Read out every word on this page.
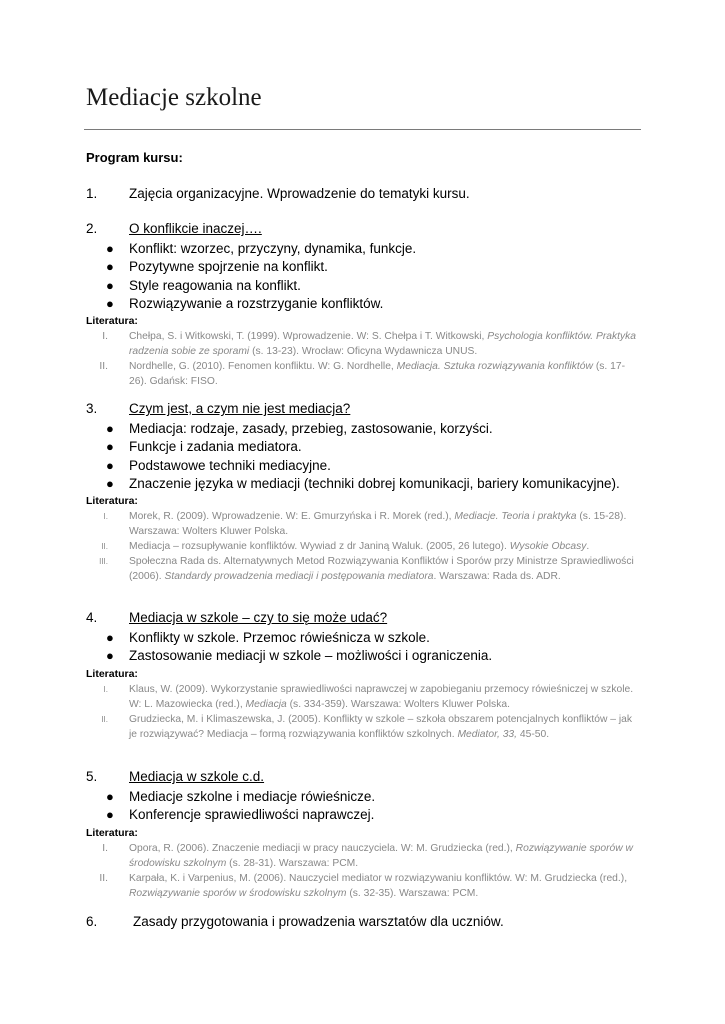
Mediacje szkolne
Program kursu:
1. Zajęcia organizacyjne. Wprowadzenie do tematyki kursu.
2. O konflikcie inaczej….
● Konflikt: wzorzec, przyczyny, dynamika, funkcje.
● Pozytywne spojrzenie na konflikt.
● Style reagowania na konflikt.
● Rozwiązywanie a rozstrzyganie konfliktów.
Literatura:
I. Chełpa, S. i Witkowski, T. (1999). Wprowadzenie. W: S. Chełpa i T. Witkowski, Psychologia konfliktów. Praktyka radzenia sobie ze sporami (s. 13-23). Wrocław: Oficyna Wydawnicza UNUS.
II. Nordhelle, G. (2010). Fenomen konfliktu. W: G. Nordhelle, Mediacja. Sztuka rozwiązywania konfliktów (s. 17-26). Gdańsk: FISO.
3. Czym jest, a czym nie jest mediacja?
● Mediacja: rodzaje, zasady, przebieg, zastosowanie, korzyści.
● Funkcje i zadania mediatora.
● Podstawowe techniki mediacyjne.
● Znaczenie języka w mediacji (techniki dobrej komunikacji, bariery komunikacyjne).
Literatura:
I. Morek, R. (2009). Wprowadzenie. W: E. Gmurzyńska i R. Morek (red.), Mediacje. Teoria i praktyka (s. 15-28). Warszawa: Wolters Kluwer Polska.
II. Mediacja – rozsupływanie konfliktów. Wywiad z dr Janiną Waluk. (2005, 26 lutego). Wysokie Obcasy.
III. Społeczna Rada ds. Alternatywnych Metod Rozwiązywania Konfliktów i Sporów przy Ministrze Sprawiedliwości (2006). Standardy prowadzenia mediacji i postępowania mediatora. Warszawa: Rada ds. ADR.
4. Mediacja w szkole – czy to się może udać?
● Konflikty w szkole. Przemoc rówieśnicza w szkole.
● Zastosowanie mediacji w szkole – możliwości i ograniczenia.
Literatura:
I. Klaus, W. (2009). Wykorzystanie sprawiedliwości naprawczej w zapobieganiu przemocy rówieśniczej w szkole. W: L. Mazowiecka (red.), Mediacja (s. 334-359). Warszawa: Wolters Kluwer Polska.
II. Grudziecka, M. i Klimaszewska, J. (2005). Konflikty w szkole – szkoła obszarem potencjalnych konfliktów – jak je rozwiązywać? Mediacja – formą rozwiązywania konfliktów szkolnych. Mediator, 33, 45-50.
5. Mediacja w szkole c.d.
● Mediacje szkolne i mediacje rówieśnicze.
● Konferencje sprawiedliwości naprawczej.
Literatura:
I. Opora, R. (2006). Znaczenie mediacji w pracy nauczyciela. W: M. Grudziecka (red.), Rozwiązywanie sporów w środowisku szkolnym (s. 28-31). Warszawa: PCM.
II. Karpała, K. i Varpenius, M. (2006). Nauczyciel mediator w rozwiązywaniu konfliktów. W: M. Grudziecka (red.), Rozwiązywanie sporów w środowisku szkolnym (s. 32-35). Warszawa: PCM.
6.	Zasady przygotowania i prowadzenia warsztatów dla uczniów.
